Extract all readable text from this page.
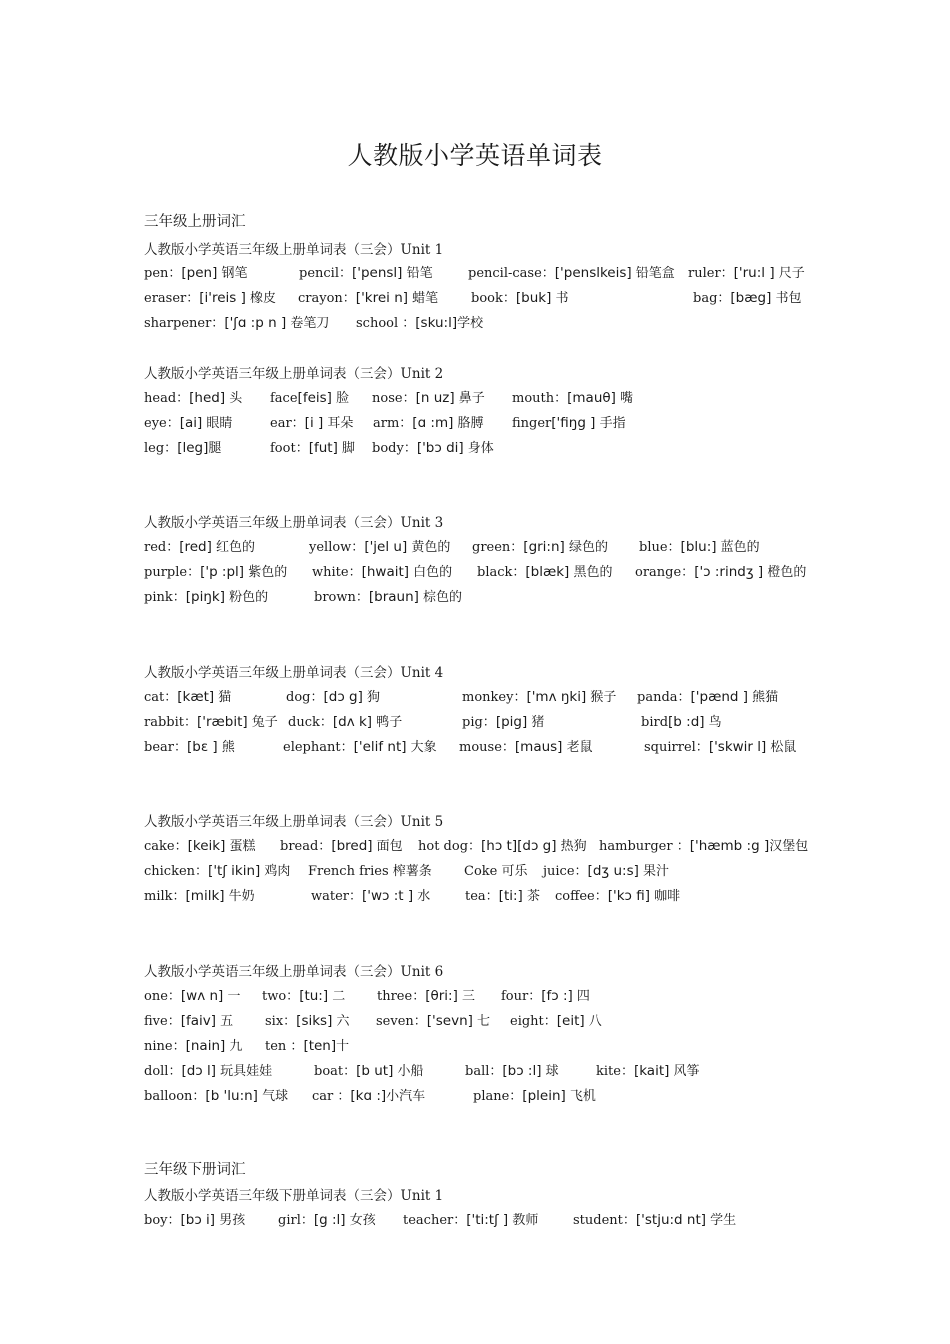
人教版小学英语单词表
三年级上册词汇
人教版小学英语三年级上册单词表（三会）Unit 1
pen：[pen] 钢笔	pencil：['pensl] 铅笔	pencil-case：['penslkeis] 铅笔盒 ruler：['ru:l ] 尺子
eraser：[i'reis ] 橡皮 crayon：['krei n] 蜡笔	book：[buk] 书	bag：[bæg] 书包
sharpener：['ʃɑ :p n ] 卷笔刀 school ：[sku:l]学校
人教版小学英语三年级上册单词表（三会）Unit 2
head：[hed] 头 face[feis] 脸 nose：[n uz] 鼻子 mouth：[mauθ] 嘴
eye：[ai] 眼睛	ear：[i ] 耳朵 arm：[ɑ :m] 胳膊 finger['fiŋg ] 手指
leg：[leg]腿	foot：[fut] 脚 body：['bɔ di] 身体
人教版小学英语三年级上册单词表（三会）Unit 3
red：[red] 红色的	yellow：['jel u] 黄色的 green：[gri:n] 绿色的 blue：[blu:] 蓝色的
purple：['p :pl] 紫色的 white：[hwait] 白色的 black：[blæk] 黑色的 orange：['ɔ :rindʒ ] 橙色的
pink：[piŋk] 粉色的	brown：[braun] 棕色的
人教版小学英语三年级上册单词表（三会）Unit 4
cat：[kæt] 猫	dog：[dɔ g] 狗	monkey：['mʌ ŋki] 猴子 panda：['pænd ] 熊猫
rabbit：['ræbit] 兔子 duck：[dʌ k] 鸭子	pig：[pig] 猪	bird[b :d] 鸟
bear：[bɛ ] 熊	elephant：['elif nt] 大象 mouse：[maus] 老鼠	squirrel：['skwir l] 松鼠
人教版小学英语三年级上册单词表（三会）Unit 5
cake：[keik] 蛋糕 bread：[bred] 面包 hot dog：[hɔ t][dɔ g] 热狗 hamburger ：['hæmb :g ]汉堡包
chicken：['tʃ ikin] 鸡肉 French fries 榨薯条 Coke 可乐 juice：[dʒ u:s] 果汁
milk：[milk] 牛奶	water：['wɔ :t ] 水	tea：[ti:] 茶 coffee：['kɔ fi] 咖啡
人教版小学英语三年级上册单词表（三会）Unit 6
one：[wʌ n] 一 two：[tu:] 二 three：[θri:] 三 four：[fɔ :] 四
five：[faiv] 五 six：[siks] 六 seven：['sevn] 七 eight：[eit] 八
nine：[nain] 九 ten ：[ten]十
doll：[dɔ l] 玩具娃娃	boat：[b ut] 小船	ball：[bɔ :l] 球	kite：[kait] 风筝
balloon：[b 'lu:n] 气球 car ：[kɑ :]小汽车	plane：[plein] 飞机
三年级下册词汇
人教版小学英语三年级下册单词表（三会）Unit 1
boy：[bɔ i] 男孩	girl：[g :l] 女孩 teacher：['ti:tʃ ] 教师	student：['stju:d nt] 学生
